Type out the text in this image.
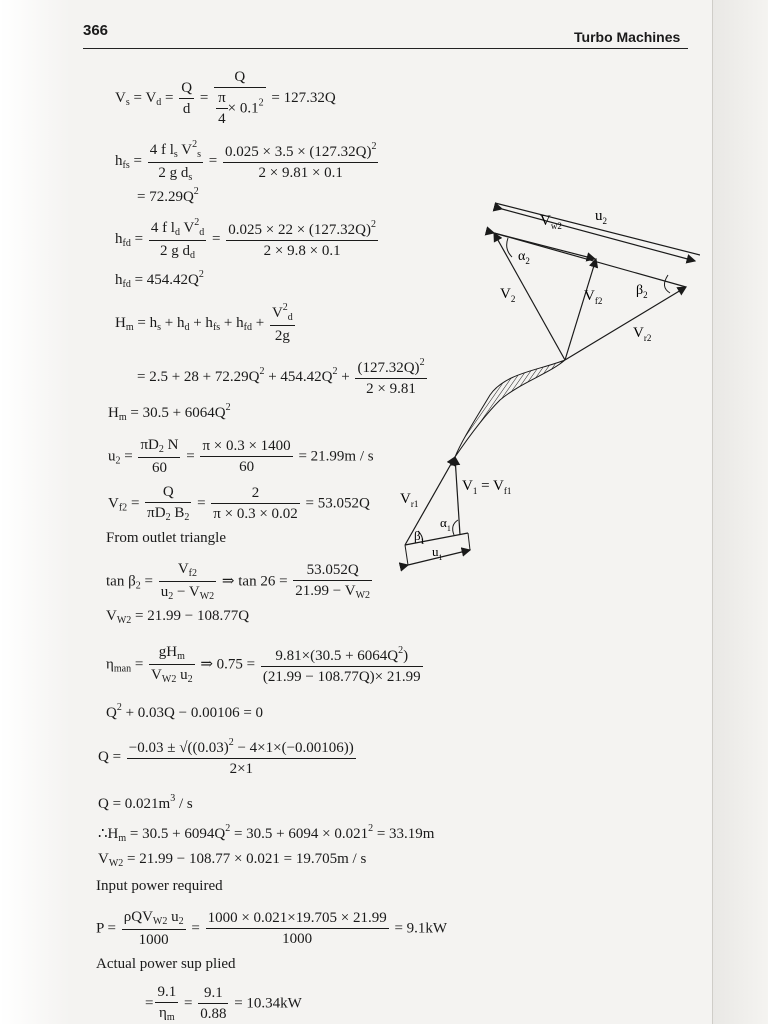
366	Turbo Machines
$V_s = V_d = \frac{Q}{d} = \frac{Q}{\frac{\pi}{4} \times 0.1^2} = 127.32Q$
$h_{fs} = \frac{4 f l_s V^2_s}{2 g d_s} = \frac{0.025 \times 3.5 \times (127.32Q)^2}{2 \times 9.81 \times 0.1}$
= $72.29Q^2$
$h_{fd} = \frac{4 f l_d V^2_d}{2 g d_d} = \frac{0.025 \times 22 \times (127.32Q)^2}{2 \times 9.8 \times 0.1}$
$h_{fd} = 454.42Q^2$
$H_m = h_s + h_d + h_{fs} + h_{fd} + \frac{V^2_d}{2g}$
= $2.5 + 28 + 72.29Q^2 + 454.42Q^2 + \frac{(127.32Q)^2}{2 \times 9.81}$
$H_m = 30.5 + 6064Q^2$
$u_2 = \frac{\pi D_2 N}{60} = \frac{\pi \times 0.3 \times 1400}{60} = 21.99m / s$
$V_{f2} = \frac{Q}{\pi D_2 B_2} = \frac{2}{\pi \times 0.3 \times 0.02} = 53.052Q$
From outlet triangle
$\tan \beta_2 = \frac{V_{f2}}{u_2 - V_{W2}}$ ⇒ $\tan 26 = \frac{53.052Q}{21.99 - V_{W2}}$
$V_{W2} = 21.99 - 108.77Q$
$\eta_{man}$ =
$gH_m$
$V_{W2}$ $u_2$
⇒ $0.75 = \frac{9.81\times(30.5 + 6064Q^2)}{(21.99 - 108.77Q)\times 21.99}$
$Q^2 + 0.03Q - 0.00106 = 0$
$Q = \frac{-0.03 \pm √((0.03)^2 - 4\times 1\times(-0.00106))}{2\times 1}$
$Q = 0.021m^3 / s$
$\therefore H_m = 30.5 + 6094Q^2 = 30.5 + 6094 \times 0.021^2 = 33.19m$
$V_{W2} = 21.99 - 108.77 \times 0.021 = 19.705m / s$
Input power required
P =
ρQV$_{W2}$ $u_2$
1000
= $\frac{1000 \times 0.021\times 19.705 \times 21.99}{1000} = 9.1kW$
Actual power sup plied
= $\frac{9.1}{\eta_m} = \frac{9.1}{0.88} = 10.34kW$
$V_{w2}$
$u_2$
$\alpha_2$
$V_2$	$V_{f2}$
$\beta_2$
$V_{r2}$
$V_1 = V_{f1}$
$V_{r1}$
$\alpha_1$
$\beta_1$
$u_1$
